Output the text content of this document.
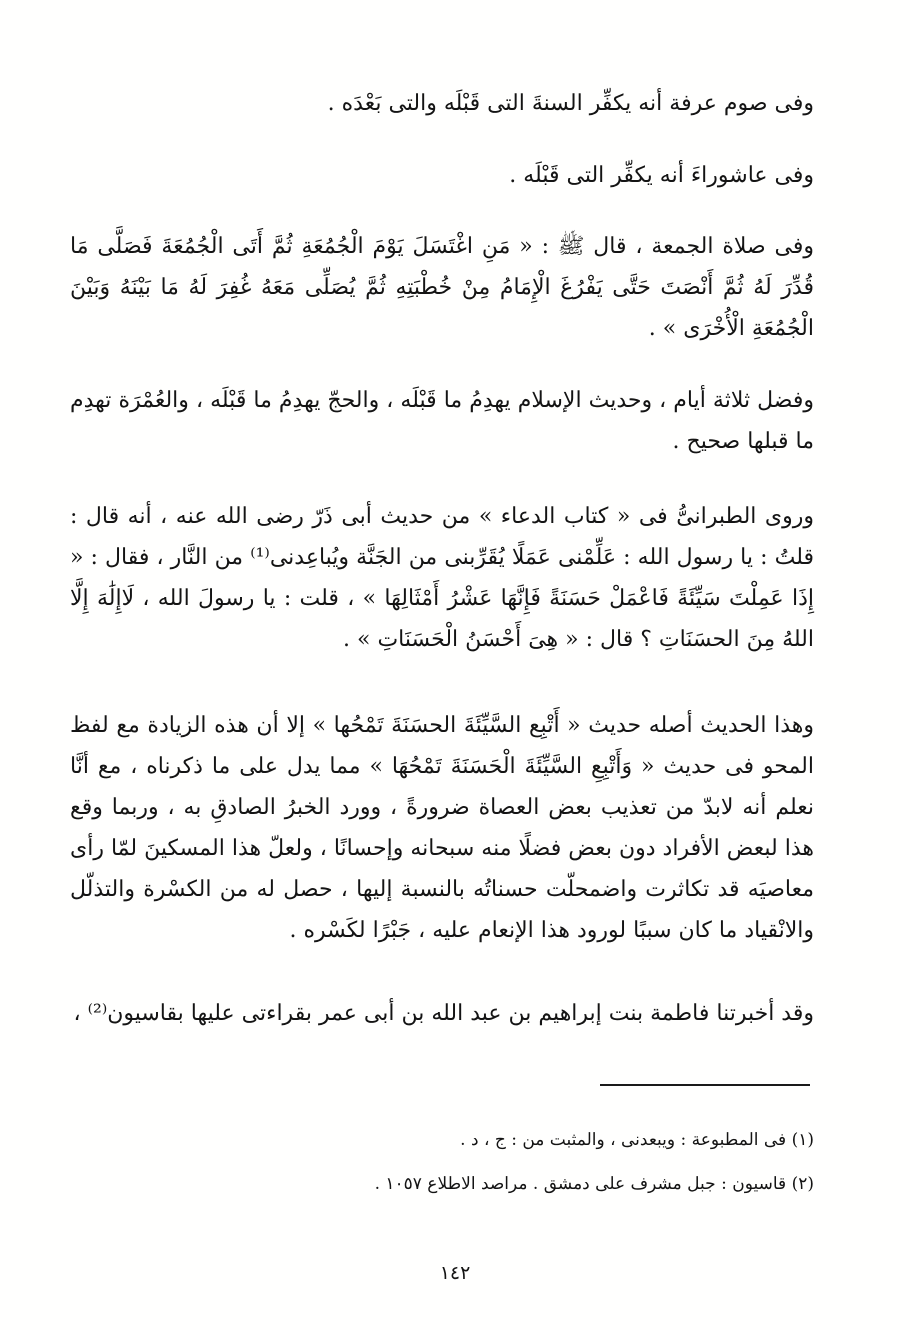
وفى صوم عرفة أنه يكفِّر السنةَ التى قَبْلَه والتى بَعْدَه .

وفى عاشوراءَ أنه يكفِّر التى قَبْلَه .

وفى صلاة الجمعة ، قال ﷺ : « مَنِ اغْتَسَلَ يَوْمَ الْجُمُعَةِ ثُمَّ أَتَى الْجُمُعَةَ فَصَلَّى مَا قُدِّرَ لَهُ ثُمَّ أَنْصَتَ حَتَّى يَفْرُغَ الْإِمَامُ مِنْ خُطْبَتِهِ ثُمَّ يُصَلِّى مَعَهُ غُفِرَ لَهُ مَا بَيْنَهُ وَبَيْنَ الْجُمُعَةِ الْأُخْرَى » .

وفضل ثلاثة أيام ، وحديث الإسلام يهدِمُ ما قَبْلَه ، والحجّ يهدِمُ ما قَبْلَه ، والعُمْرَة تهدِم ما قبلها صحيح .

وروى الطبرانىُّ فى « كتاب الدعاء » من حديث أبى ذَرّ رضى الله عنه ، أنه قال : قلتُ : يا رسول الله : عَلِّمْنى عَمَلًا يُقَرِّبنى من الجَنَّة ويُباعِدنى⁽¹⁾ من النَّار ، فقال : « إِذَا عَمِلْتَ سَيِّئَةً فَاعْمَلْ حَسَنَةً فَإِنَّهَا عَشْرُ أَمْثَالِهَا » ، قلت : يا رسولَ الله ، لَاإِلَٰهَ إِلَّا اللهُ مِنَ الحسَنَاتِ ؟ قال : « هِىَ أَحْسَنُ الْحَسَنَاتِ » .

وهذا الحديث أصله حديث « أَتْبِع السَّيِّئَةَ الحسَنَةَ تَمْحُها » إلا أن هذه الزيادة مع لفظ المحو فى حديث « وَأَتْبِعِ السَّيِّئَةَ الْحَسَنَةَ تَمْحُهَا » مما يدل على ما ذكرناه ، مع أنَّا نعلم أنه لابدّ من تعذيب بعض العصاة ضرورةً ، وورد الخبرُ الصادقِ به ، وربما وقع هذا لبعض الأفراد دون بعض فضلًا منه سبحانه وإحسانًا ، ولعلّ هذا المسكينَ لمّا رأى معاصيَه قد تكاثرت واضمحلّت حسناتُه بالنسبة إليها ، حصل له من الكسْرة والتذلّل والانْقياد ما كان سببًا لورود هذا الإنعام عليه ، جَبْرًا لكَسْره .

وقد أخبرتنا فاطمة بنت إبراهيم بن عبد الله بن أبى عمر بقراءتى عليها بقاسيون⁽²⁾ ،

(١) فى المطبوعة : ويبعدنى ، والمثبت من : ج ، د .

(٢) قاسيون : جبل مشرف على دمشق . مراصد الاطلاع ١٠٥٧ .

١٤٢
